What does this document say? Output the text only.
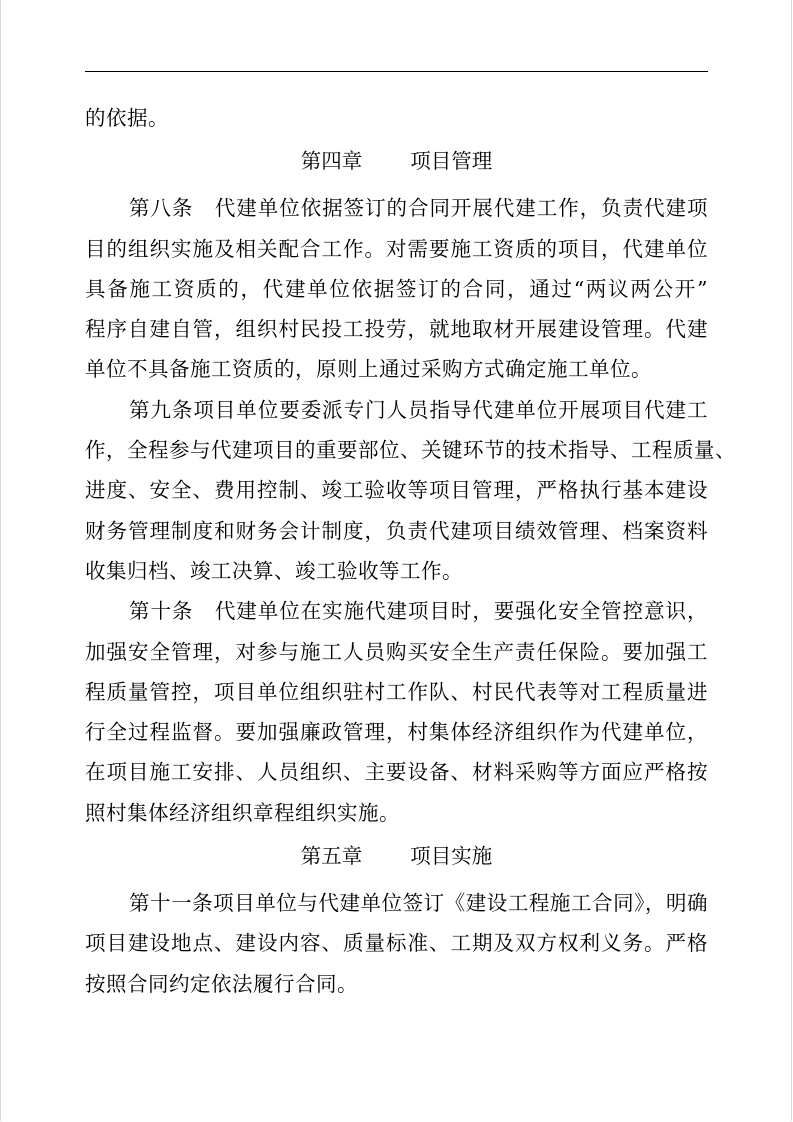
的依据。
第四章 项目管理
第八条　代建单位依据签订的合同开展代建工作，负责代建项
目的组织实施及相关配合工作。对需要施工资质的项目，代建单位
具备施工资质的，代建单位依据签订的合同，通过“两议两公开”
程序自建自管，组织村民投工投劳，就地取材开展建设管理。代建
单位不具备施工资质的，原则上通过采购方式确定施工单位。
第九条项目单位要委派专门人员指导代建单位开展项目代建工
作，全程参与代建项目的重要部位、关键环节的技术指导、工程质量、
进度、安全、费用控制、竣工验收等项目管理，严格执行基本建设
财务管理制度和财务会计制度，负责代建项目绩效管理、档案资料
收集归档、竣工决算、竣工验收等工作。
第十条　代建单位在实施代建项目时，要强化安全管控意识，
加强安全管理，对参与施工人员购买安全生产责任保险。要加强工
程质量管控，项目单位组织驻村工作队、村民代表等对工程质量进
行全过程监督。要加强廉政管理，村集体经济组织作为代建单位，
在项目施工安排、人员组织、主要设备、材料采购等方面应严格按
照村集体经济组织章程组织实施。
第五章 项目实施
第十一条项目单位与代建单位签订《建设工程施工合同》，明确
项目建设地点、建设内容、质量标准、工期及双方权利义务。严格
按照合同约定依法履行合同。
